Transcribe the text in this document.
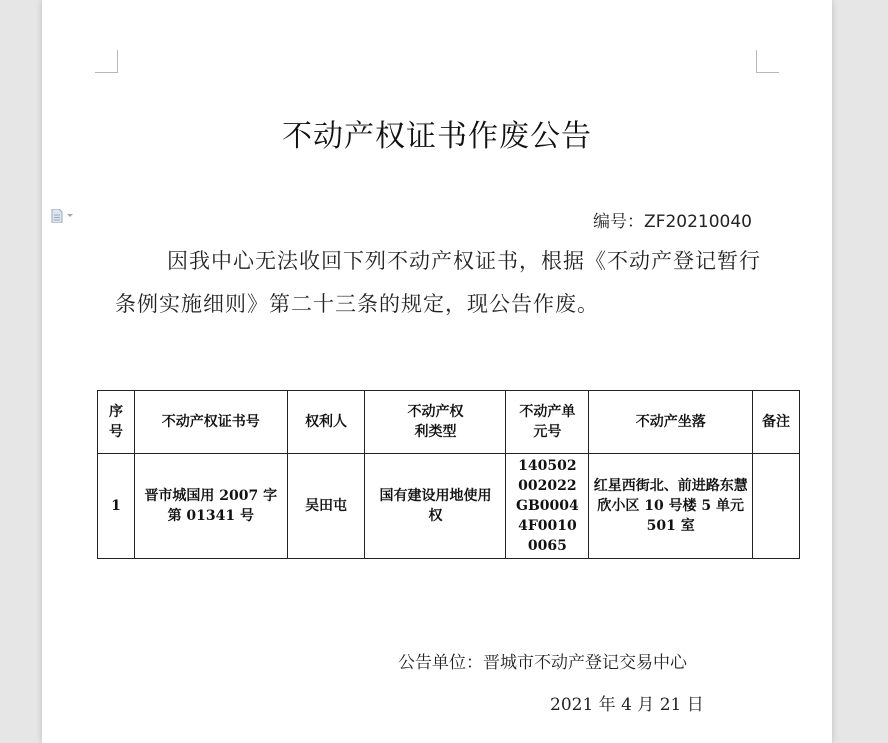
不动产权证书作废公告
编号：ZF20210040
因我中心无法收回下列不动产权证书，根据《不动产登记暂行条例实施细则》第二十三条的规定，现公告作废。
序号	不动产权证书号	权利人	不动产权利类型	不动产单元号	不动产坐落	备注
1	晋市城国用 2007 字第 01341 号	吴田屯	国有建设用地使用权	140502002022GB00044F00100065	红星西街北、前进路东慧欣小区 10 号楼 5 单元 501 室	
公告单位：晋城市不动产登记交易中心
2021 年 4 月 21 日
